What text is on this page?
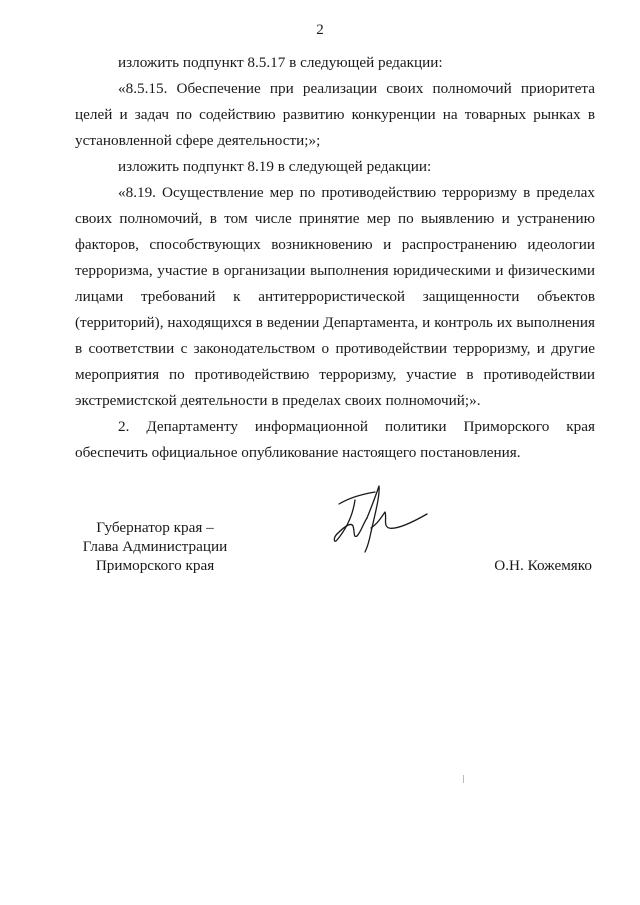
2

изложить подпункт 8.5.17 в следующей редакции:

«8.5.15. Обеспечение при реализации своих полномочий приоритета целей и задач по содействию развитию конкуренции на товарных рынках в установленной сфере деятельности;»;

изложить подпункт 8.19 в следующей редакции:

«8.19. Осуществление мер по противодействию терроризму в пределах своих полномочий, в том числе принятие мер по выявлению и устранению факторов, способствующих возникновению и распространению идеологии терроризма, участие в организации выполнения юридическими и физическими лицами требований к антитеррористической защищенности объектов (территорий), находящихся в ведении Департамента, и контроль их выполнения в соответствии с законодательством о противодействии терроризму, и другие мероприятия по противодействию терроризму, участие в противодействии экстремистской деятельности в пределах своих полномочий;».

2. Департаменту информационной политики Приморского края обеспечить официальное опубликование настоящего постановления.

Губернатор края –
Глава Администрации
Приморского края	О.Н. Кожемяко
